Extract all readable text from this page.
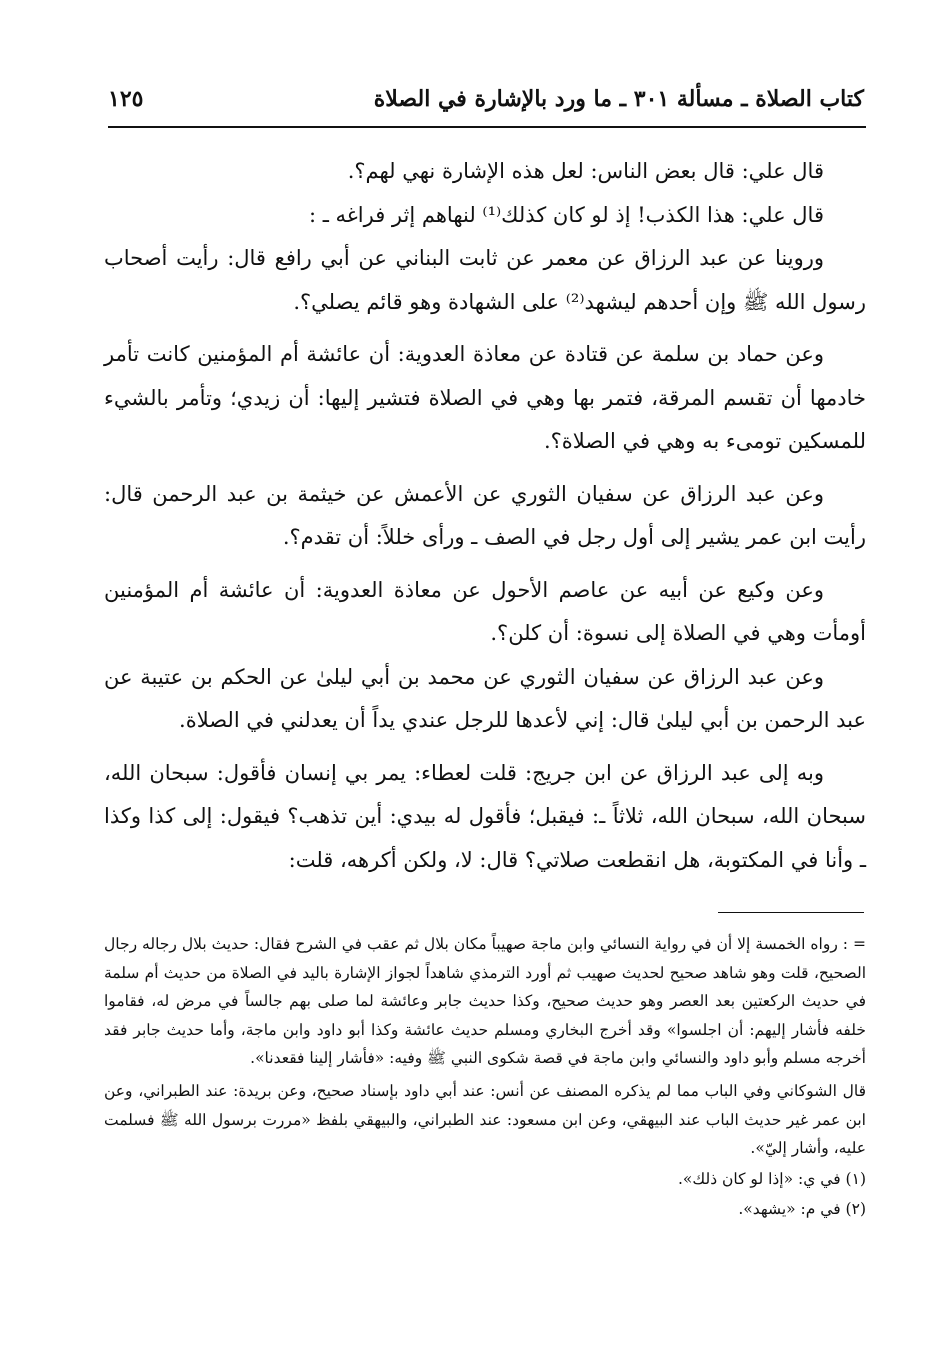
كتاب الصلاة ـ مسألة ٣٠١ ـ ما ورد بالإشارة في الصلاة
١٢٥

قال علي: قال بعض الناس: لعل هذه الإشارة نهي لهم؟.

قال علي: هذا الكذب! إذ لو كان كذلك⁽¹⁾ لنهاهم إثر فراغه ـ :

وروينا عن عبد الرزاق عن معمر عن ثابت البناني عن أبي رافع قال: رأيت أصحاب رسول الله ﷺ وإن أحدهم ليشهد⁽²⁾ على الشهادة وهو قائم يصلي؟.

وعن حماد بن سلمة عن قتادة عن معاذة العدوية: أن عائشة أم المؤمنين كانت تأمر خادمها أن تقسم المرقة، فتمر بها وهي في الصلاة فتشير إليها: أن زيدي؛ وتأمر بالشيء للمسكين تومىء به وهي في الصلاة؟.

وعن عبد الرزاق عن سفيان الثوري عن الأعمش عن خيثمة بن عبد الرحمن قال: رأيت ابن عمر يشير إلى أول رجل في الصف ـ ورأى خللاً: أن تقدم؟.

وعن وكيع عن أبيه عن عاصم الأحول عن معاذة العدوية: أن عائشة أم المؤمنين أومأت وهي في الصلاة إلى نسوة: أن كلن؟.

وعن عبد الرزاق عن سفيان الثوري عن محمد بن أبي ليلىٰ عن الحكم بن عتيبة عن عبد الرحمن بن أبي ليلىٰ قال: إني لأعدها للرجل عندي يداً أن يعدلني في الصلاة.

وبه إلى عبد الرزاق عن ابن جريج: قلت لعطاء: يمر بي إنسان فأقول: سبحان الله، سبحان الله، سبحان الله، ثلاثاً ـ: فيقبل؛ فأقول له بيدي: أين تذهب؟ فيقول: إلى كذا وكذا ـ وأنا في المكتوبة، هل انقطعت صلاتي؟ قال: لا، ولكن أكرهه، قلت:

= : رواه الخمسة إلا أن في رواية النسائي وابن ماجة صهيباً مكان بلال ثم عقب في الشرح فقال: حديث بلال رجاله رجال الصحيح، قلت وهو شاهد صحيح لحديث صهيب ثم أورد الترمذي شاهداً لجواز الإشارة باليد في الصلاة من حديث أم سلمة في حديث الركعتين بعد العصر وهو حديث صحيح، وكذا حديث جابر وعائشة لما صلى بهم جالساً في مرض له، فقاموا خلفه فأشار إليهم: أن اجلسوا» وقد أخرج البخاري ومسلم حديث عائشة وكذا أبو داود وابن ماجة، وأما حديث جابر فقد أخرجه مسلم وأبو داود والنسائي وابن ماجة في قصة شكوى النبي ﷺ وفيه: «فأشار إلينا فقعدنا».

قال الشوكاني وفي الباب مما لم يذكره المصنف عن أنس: عند أبي داود بإسناد صحيح، وعن بريدة: عند الطبراني، وعن ابن عمر غير حديث الباب عند البيهقي، وعن ابن مسعود: عند الطبراني، والبيهقي بلفظ «مررت برسول الله ﷺ فسلمت عليه، وأشار إليّ».

(١) في ي: «إذا لو كان ذلك».

(٢) في م: «يشهد».
